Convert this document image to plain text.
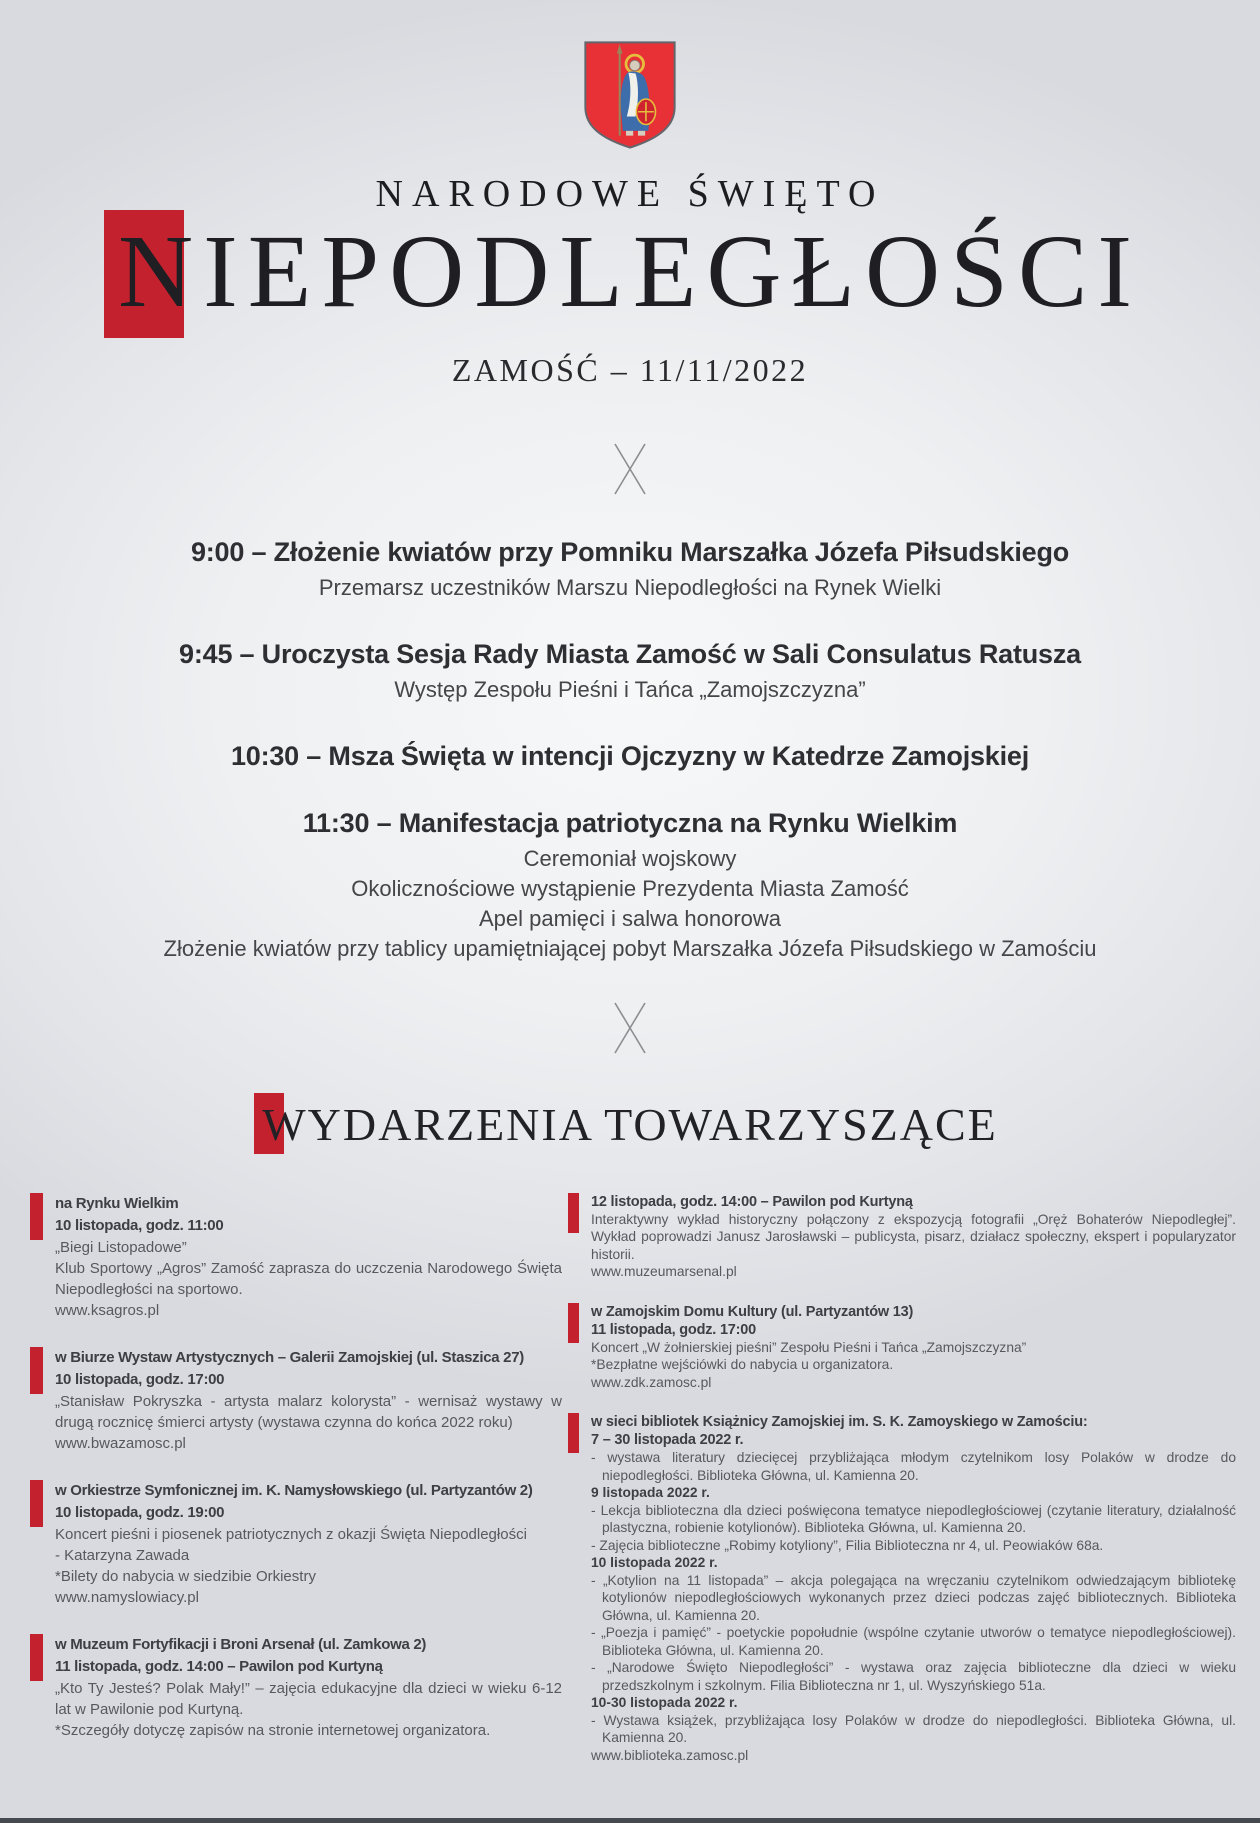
NARODOWE ŚWIĘTO
NIEPODLEGŁOŚCI
ZAMOŚĆ – 11/11/2022
9:00 – Złożenie kwiatów przy Pomniku Marszałka Józefa Piłsudskiego
Przemarsz uczestników Marszu Niepodległości na Rynek Wielki
9:45 – Uroczysta Sesja Rady Miasta Zamość w Sali Consulatus Ratusza
Występ Zespołu Pieśni i Tańca „Zamojszczyzna”
10:30 – Msza Święta w intencji Ojczyzny w Katedrze Zamojskiej
11:30 – Manifestacja patriotyczna na Rynku Wielkim
Ceremoniał wojskowy
Okolicznościowe wystąpienie Prezydenta Miasta Zamość
Apel pamięci i salwa honorowa
Złożenie kwiatów przy tablicy upamiętniającej pobyt Marszałka Józefa Piłsudskiego w Zamościu
WYDARZENIA TOWARZYSZĄCE
na Rynku Wielkim
10 listopada, godz. 11:00
„Biegi Listopadowe”
Klub Sportowy „Agros” Zamość zaprasza do uczczenia Narodowego Święta Niepodległości na sportowo.
www.ksagros.pl
w Biurze Wystaw Artystycznych – Galerii Zamojskiej (ul. Staszica 27)
10 listopada, godz. 17:00
„Stanisław Pokryszka - artysta malarz kolorysta” - wernisaż wystawy w drugą rocznicę śmierci artysty (wystawa czynna do końca 2022 roku)
www.bwazamosc.pl
w Orkiestrze Symfonicznej im. K. Namysłowskiego (ul. Partyzantów 2)
10 listopada, godz. 19:00
Koncert pieśni i piosenek patriotycznych z okazji Święta Niepodległości
- Katarzyna Zawada
*Bilety do nabycia w siedzibie Orkiestry
www.namyslowiacy.pl
w Muzeum Fortyfikacji i Broni Arsenał (ul. Zamkowa 2)
11 listopada, godz. 14:00 – Pawilon pod Kurtyną
„Kto Ty Jesteś? Polak Mały!” – zajęcia edukacyjne dla dzieci w wieku 6-12 lat w Pawilonie pod Kurtyną.
*Szczegóły dotyczę zapisów na stronie internetowej organizatora.
12 listopada, godz. 14:00 – Pawilon pod Kurtyną
Interaktywny wykład historyczny połączony z ekspozycją fotografii „Oręż Bohaterów Niepodległej”. Wykład poprowadzi Janusz Jarosławski – publicysta, pisarz, działacz społeczny, ekspert i popularyzator historii.
www.muzeumarsenal.pl
w Zamojskim Domu Kultury (ul. Partyzantów 13)
11 listopada, godz. 17:00
Koncert „W żołnierskiej pieśni” Zespołu Pieśni i Tańca „Zamojszczyzna”
*Bezpłatne wejściówki do nabycia u organizatora.
www.zdk.zamosc.pl
w sieci bibliotek Książnicy Zamojskiej im. S. K. Zamoyskiego w Zamościu:
7 – 30 listopada 2022 r.
- wystawa literatury dziecięcej przybliżająca młodym czytelnikom losy Polaków w drodze do niepodległości. Biblioteka Główna, ul. Kamienna 20.
9 listopada 2022 r.
- Lekcja biblioteczna dla dzieci poświęcona tematyce niepodległościowej (czytanie literatury, działalność plastyczna, robienie kotylionów). Biblioteka Główna, ul. Kamienna 20.
- Zajęcia biblioteczne „Robimy kotyliony”, Filia Biblioteczna nr 4, ul. Peowiaków 68a.
10 listopada 2022 r.
- „Kotylion na 11 listopada” – akcja polegająca na wręczaniu czytelnikom odwiedzającym bibliotekę kotylionów niepodległościowych wykonanych przez dzieci podczas zajęć bibliotecznych. Biblioteka Główna, ul. Kamienna 20.
- „Poezja i pamięć” - poetyckie popołudnie (wspólne czytanie utworów o tematyce niepodległościowej). Biblioteka Główna, ul. Kamienna 20.
- „Narodowe Święto Niepodległości” - wystawa oraz zajęcia biblioteczne dla dzieci w wieku przedszkolnym i szkolnym. Filia Biblioteczna nr 1, ul. Wyszyńskiego 51a.
10-30 listopada 2022 r.
- Wystawa książek, przybliżająca losy Polaków w drodze do niepodległości. Biblioteka Główna, ul. Kamienna 20.
www.biblioteka.zamosc.pl
